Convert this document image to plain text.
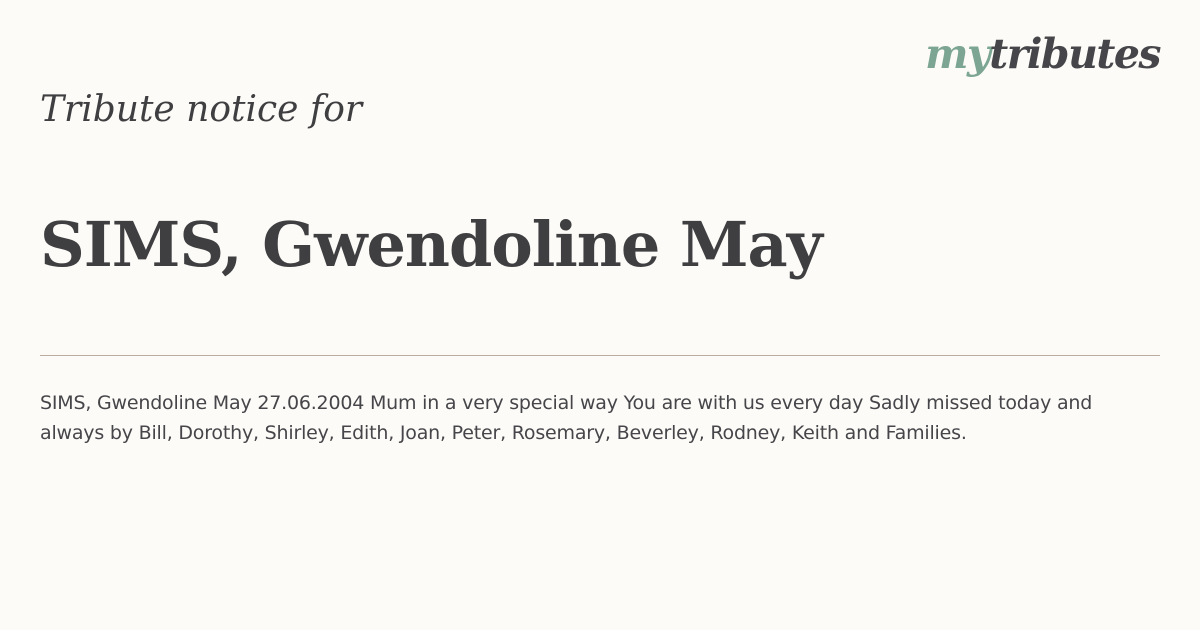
mytributes
Tribute notice for
SIMS, Gwendoline May

SIMS, Gwendoline May 27.06.2004 Mum in a very special way You are with us every day Sadly missed today and always by Bill, Dorothy, Shirley, Edith, Joan, Peter, Rosemary, Beverley, Rodney, Keith and Families.
